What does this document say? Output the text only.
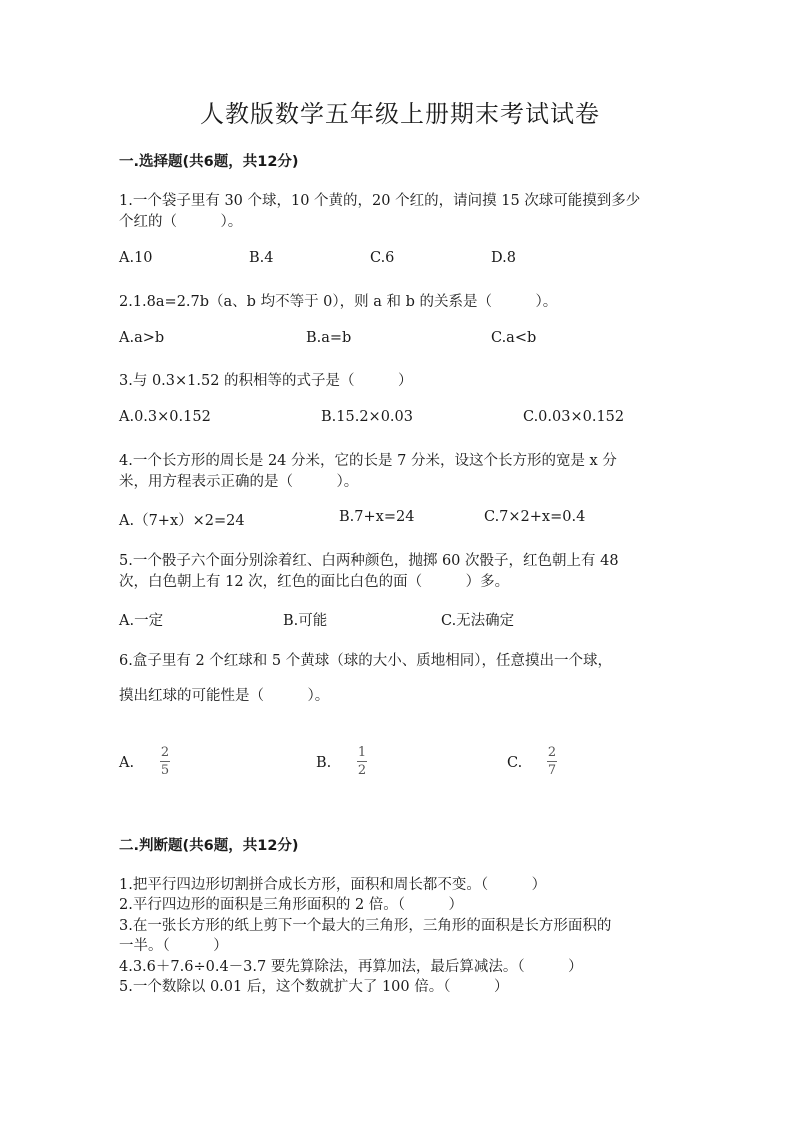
人教版数学五年级上册期末考试试卷
一.选择题(共6题，共12分)
1.一个袋子里有 30 个球，10 个黄的，20 个红的，请问摸 15 次球可能摸到多少
个红的（　　　）。
A.10	B.4	C.6	D.8
2.1.8a=2.7b（a、b 均不等于 0），则 a 和 b 的关系是（　　　）。
A.a>b	B.a=b	C.a<b
3.与 0.3×1.52 的积相等的式子是（　　　）
A.0.3×0.152	B.15.2×0.03	C.0.03×0.152
4.一个长方形的周长是 24 分米，它的长是 7 分米，设这个长方形的宽是 x 分
米，用方程表示正确的是（　　　）。
A.（7+x）×2=24	B.7+x=24	C.7×2+x=0.4
5.一个骰子六个面分别涂着红、白两种颜色，抛掷 60 次骰子，红色朝上有 48
次，白色朝上有 12 次，红色的面比白色的面（　　　）多。
A.一定	B.可能	C.无法确定
6.盒子里有 2 个红球和 5 个黄球（球的大小、质地相同），任意摸出一个球，
摸出红球的可能性是（　　　）。
A.
2
5	B.
1
2	C.
2
7
二.判断题(共6题，共12分)
1.把平行四边形切割拼合成长方形，面积和周长都不变。（　　　）
2.平行四边形的面积是三角形面积的 2 倍。（　　　）
3.在一张长方形的纸上剪下一个最大的三角形，三角形的面积是长方形面积的
一半。（　　　）
4.3.6＋7.6÷0.4－3.7 要先算除法，再算加法，最后算减法。（　　　）
5.一个数除以 0.01 后，这个数就扩大了 100 倍。（　　　）
